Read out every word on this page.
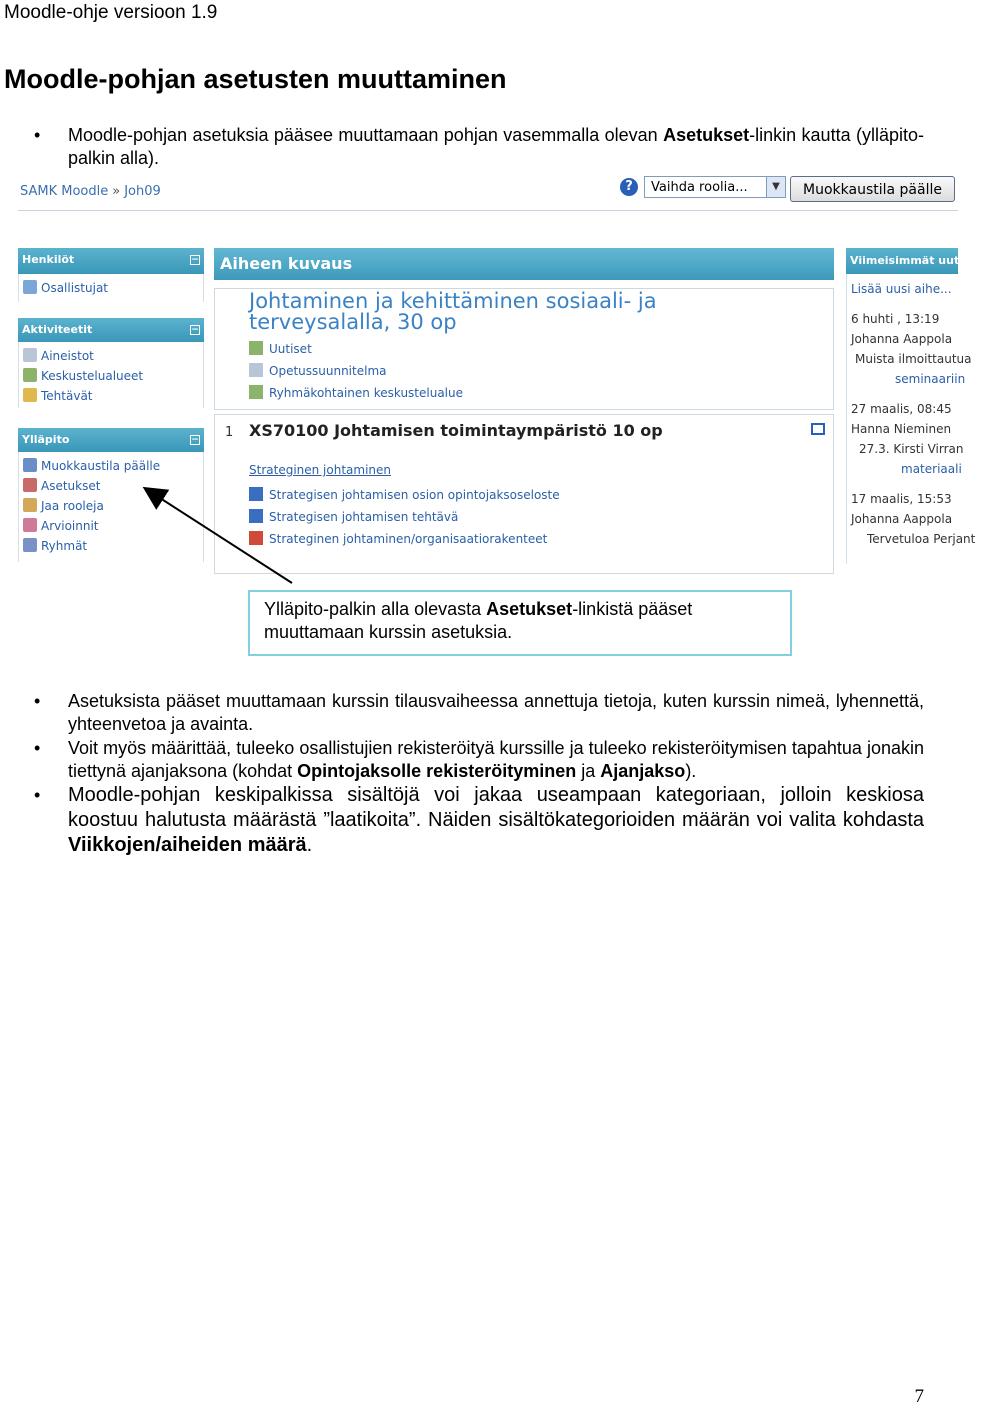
Moodle-ohje versioon 1.9
Moodle-pohjan asetusten muuttaminen
• Moodle-pohjan asetuksia pääsee muuttamaan pohjan vasemmalla olevan Asetukset-linkin kautta (ylläpito-palkin alla).
SAMK Moodle » Joh09	?	Vaihda roolia...	▼	Muokkaustila päälle
Henkilöt	−
Osallistujat
Aktiviteetit	−
Aineistot
Keskustelualueet
Tehtävät
Ylläpito	−
Muokkaustila päälle
Asetukset
Jaa rooleja
Arvioinnit
Ryhmät
Aiheen kuvaus
Johtaminen ja kehittäminen sosiaali- ja
terveysalalla, 30 op
Uutiset
Opetussuunnitelma
Ryhmäkohtainen keskustelualue
1 XS70100 Johtamisen toimintaympäristö 10 op
Strateginen johtaminen
Strategisen johtamisen osion opintojaksoseloste
Strategisen johtamisen tehtävä
Strateginen johtaminen/organisaatiorakenteet
Viimeisimmät uutiset
Lisää uusi aihe...
6 huhti , 13:19
Johanna Aappola
Muista ilmoittautua
seminaariin
27 maalis, 08:45
Hanna Nieminen
27.3. Kirsti Virran
materiaali
17 maalis, 15:53
Johanna Aappola
Tervetuloa Perjant
Ylläpito-palkin alla olevasta Asetukset-linkistä pääset muuttamaan kurssin asetuksia.
• Asetuksista pääset muuttamaan kurssin tilausvaiheessa annettuja tietoja, kuten kurssin nimeä, lyhennettä, yhteenvetoa ja avainta.
• Voit myös määrittää, tuleeko osallistujien rekisteröityä kurssille ja tuleeko rekisteröitymisen tapahtua jonakin tiettynä ajanjaksona (kohdat Opintojaksolle rekisteröityminen ja Ajanjakso).
• Moodle-pohjan keskipalkissa sisältöjä voi jakaa useampaan kategoriaan, jolloin keskiosa koostuu halutusta määrästä ”laatikoita”. Näiden sisältökategorioiden määrän voi valita kohdasta Viikkojen/aiheiden määrä.
7
